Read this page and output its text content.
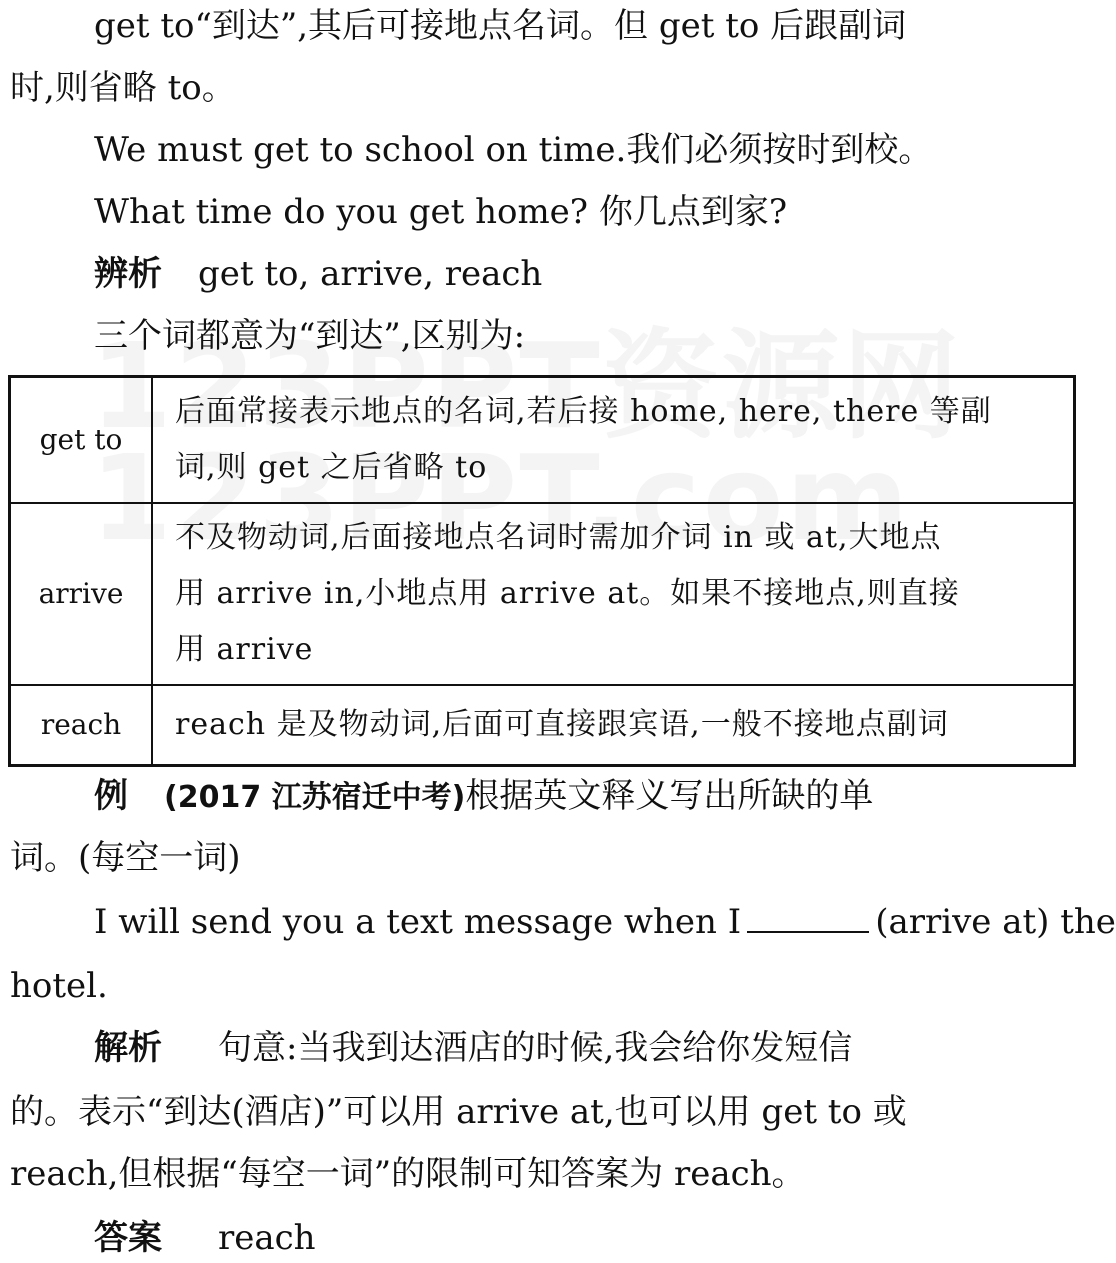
get to“到达”,其后可接地点名词。但 get to 后跟副词
时,则省略 to。
We must get to school on time.我们必须按时到校。
What time do you get home? 你几点到家?
辨析 get to, arrive, reach
三个词都意为“到达”,区别为:
get to	后面常接表示地点的名词,若后接 home, here, there 等副
词,则 get 之后省略 to

arrive	不及物动词,后面接地点名词时需加介词 in 或 at,大地点
用 arrive in,小地点用 arrive at。如果不接地点,则直接
用 arrive

reach	reach 是及物动词,后面可直接跟宾语,一般不接地点副词
例 (2017 江苏宿迁中考)根据英文释义写出所缺的单
词。(每空一词)
I will send you a text message when I	(arrive at) the
hotel.
解析 句意:当我到达酒店的时候,我会给你发短信
的。表示“到达(酒店)”可以用 arrive at,也可以用 get to 或
reach,但根据“每空一词”的限制可知答案为 reach。
答案 reach
